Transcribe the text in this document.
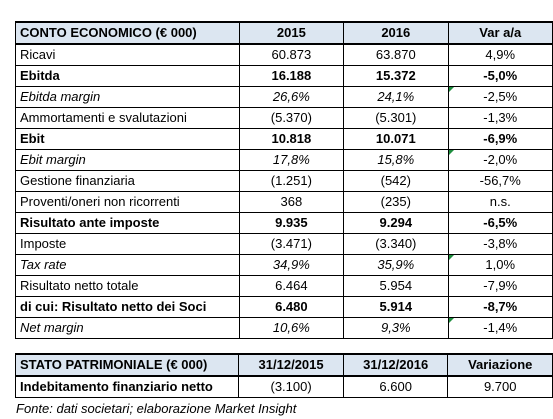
CONTO ECONOMICO (€ 000)	2015	2016	Var a/a
Ricavi	60.873	63.870	4,9%
Ebitda	16.188	15.372	-5,0%
Ebitda margin	26,6%	24,1%	-2,5%
Ammortamenti e svalutazioni	(5.370)	(5.301)	-1,3%
Ebit	10.818	10.071	-6,9%
Ebit margin	17,8%	15,8%	-2,0%
Gestione finanziaria	(1.251)	(542)	-56,7%
Proventi/oneri non ricorrenti	368	(235)	n.s.
Risultato ante imposte	9.935	9.294	-6,5%
Imposte	(3.471)	(3.340)	-3,8%
Tax rate	34,9%	35,9%	1,0%
Risultato netto totale	6.464	5.954	-7,9%
di cui: Risultato netto dei Soci	6.480	5.914	-8,7%
Net margin	10,6%	9,3%	-1,4%
STATO PATRIMONIALE (€ 000)	31/12/2015	31/12/2016	Variazione
Indebitamento finanziario netto	(3.100)	6.600	9.700
Fonte: dati societari; elaborazione Market Insight
